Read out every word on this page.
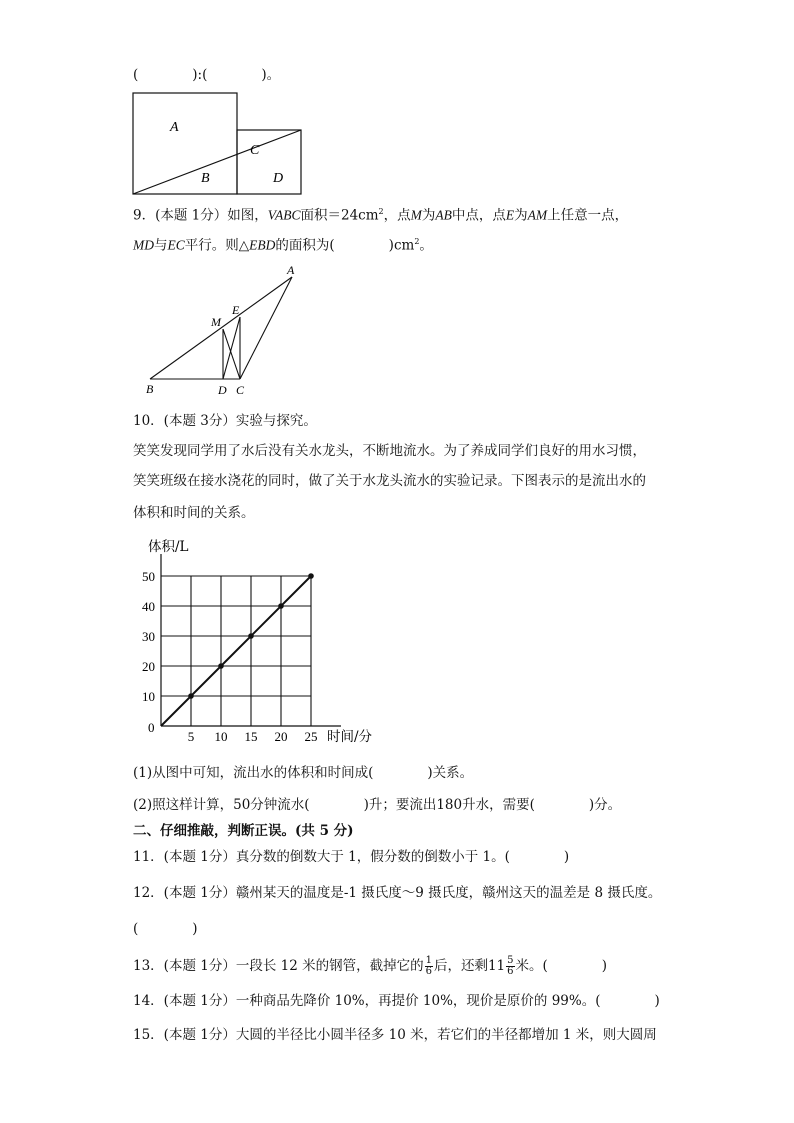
(　　　　):(　　　　)。
A
B
C
D
9．(本题 1分）如图，VABC面积$=24cm^2$，点M为AB中点，点E为AM上任意一点，
MD与EC平行。则△EBD的面积为(　　　　)$cm^2$。
A
E
M
B	D C
10．(本题 3分）实验与探究。
笑笑发现同学用了水后没有关水龙头，不断地流水。为了养成同学们良好的用水习惯，
笑笑班级在接水浇花的同时，做了关于水龙头流水的实验记录。下图表示的是流出水的
体积和时间的关系。
5 10 15 20 25
10
20
30
40
50
体积/L
时间/分
0
(1)从图中可知，流出水的体积和时间成(　　　　)关系。
(2)照这样计算，50分钟流水(　　　　)升；要流出180升水，需要(　　　　)分。
二、仔细推敲，判断正误。(共 5 分)
11．(本题 1分）真分数的倒数大于 1，假分数的倒数小于 1。(　　　　)
12．(本题 1分）赣州某天的温度是-1 摄氏度～9 摄氏度，赣州这天的温差是 8 摄氏度。
(　　　　)
13．(本题 1分）一段长 12 米的钢管，截掉它的 $\frac{1}{6}$ 后，还剩$11 \frac{5}{6}$ 米。(　　　　)
14．(本题 1分）一种商品先降价 10%，再提价 10%，现价是原价的 99%。(　　　　)
15．(本题 1分）大圆的半径比小圆半径多 10 米，若它们的半径都增加 1 米，则大圆周
